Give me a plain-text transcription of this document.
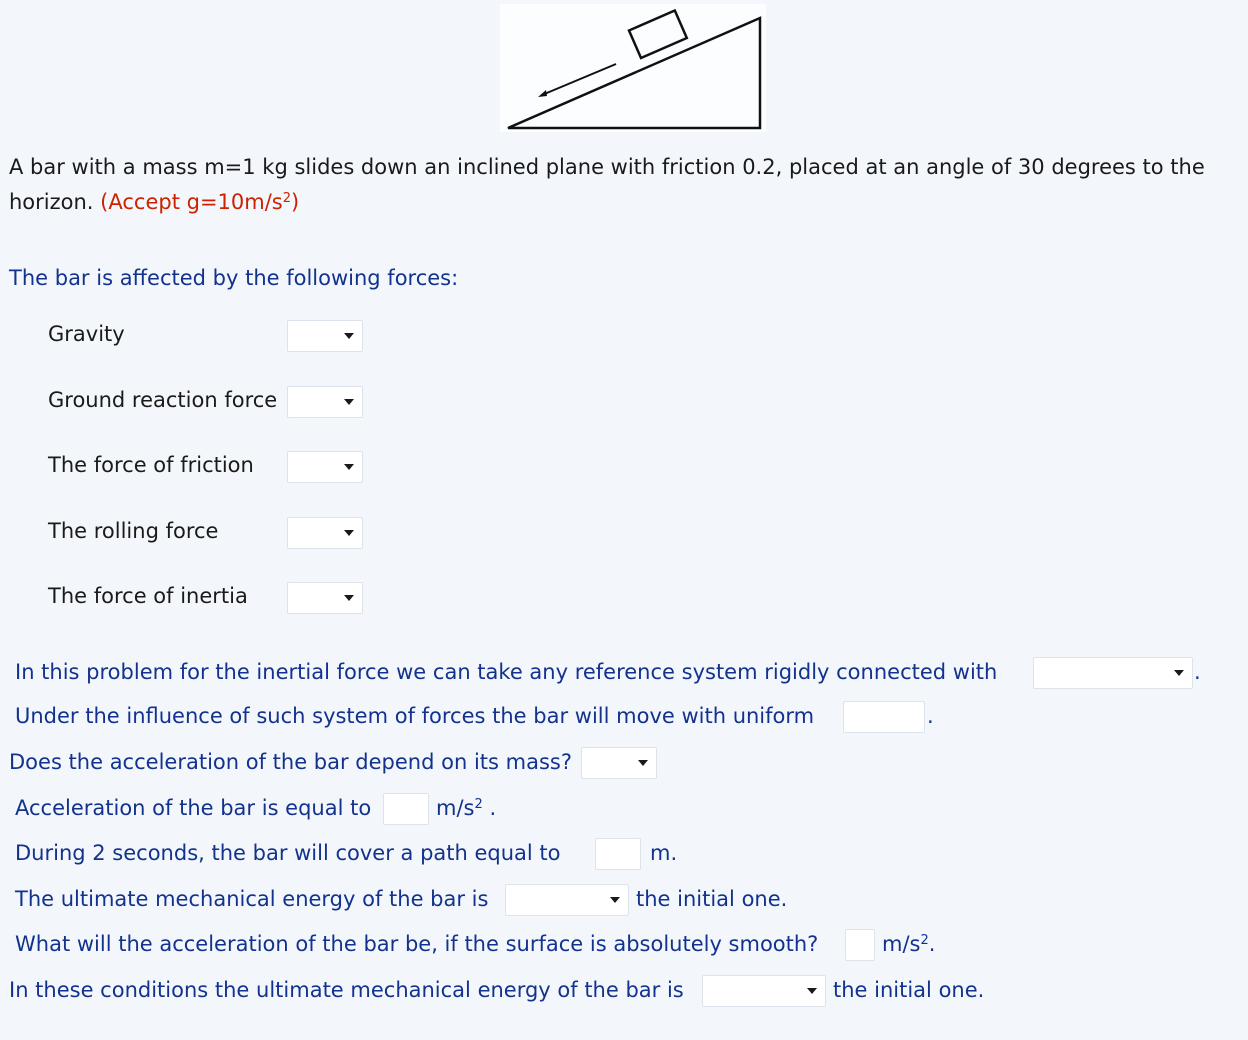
A bar with a mass m=1 kg slides down an inclined plane with friction 0.2, placed at an angle of 30 degrees to the horizon. (Accept $g=10m/s^2$)
The bar is affected by the following forces:
Gravity
Ground reaction force
The force of friction
The rolling force
The force of inertia
In this problem for the inertial force we can take any reference system rigidly connected with	.
Under the influence of such system of forces the bar will move with uniform	.
Does the acceleration of the bar depend on its mass?
Acceleration of the bar is equal to	$m/s^2$ .
During 2 seconds, the bar will cover a path equal to	m.
The ultimate mechanical energy of the bar is	the initial one.
What will the acceleration of the bar be, if the surface is absolutely smooth?	$m/s^2$.
In these conditions the ultimate mechanical energy of the bar is	the initial one.
